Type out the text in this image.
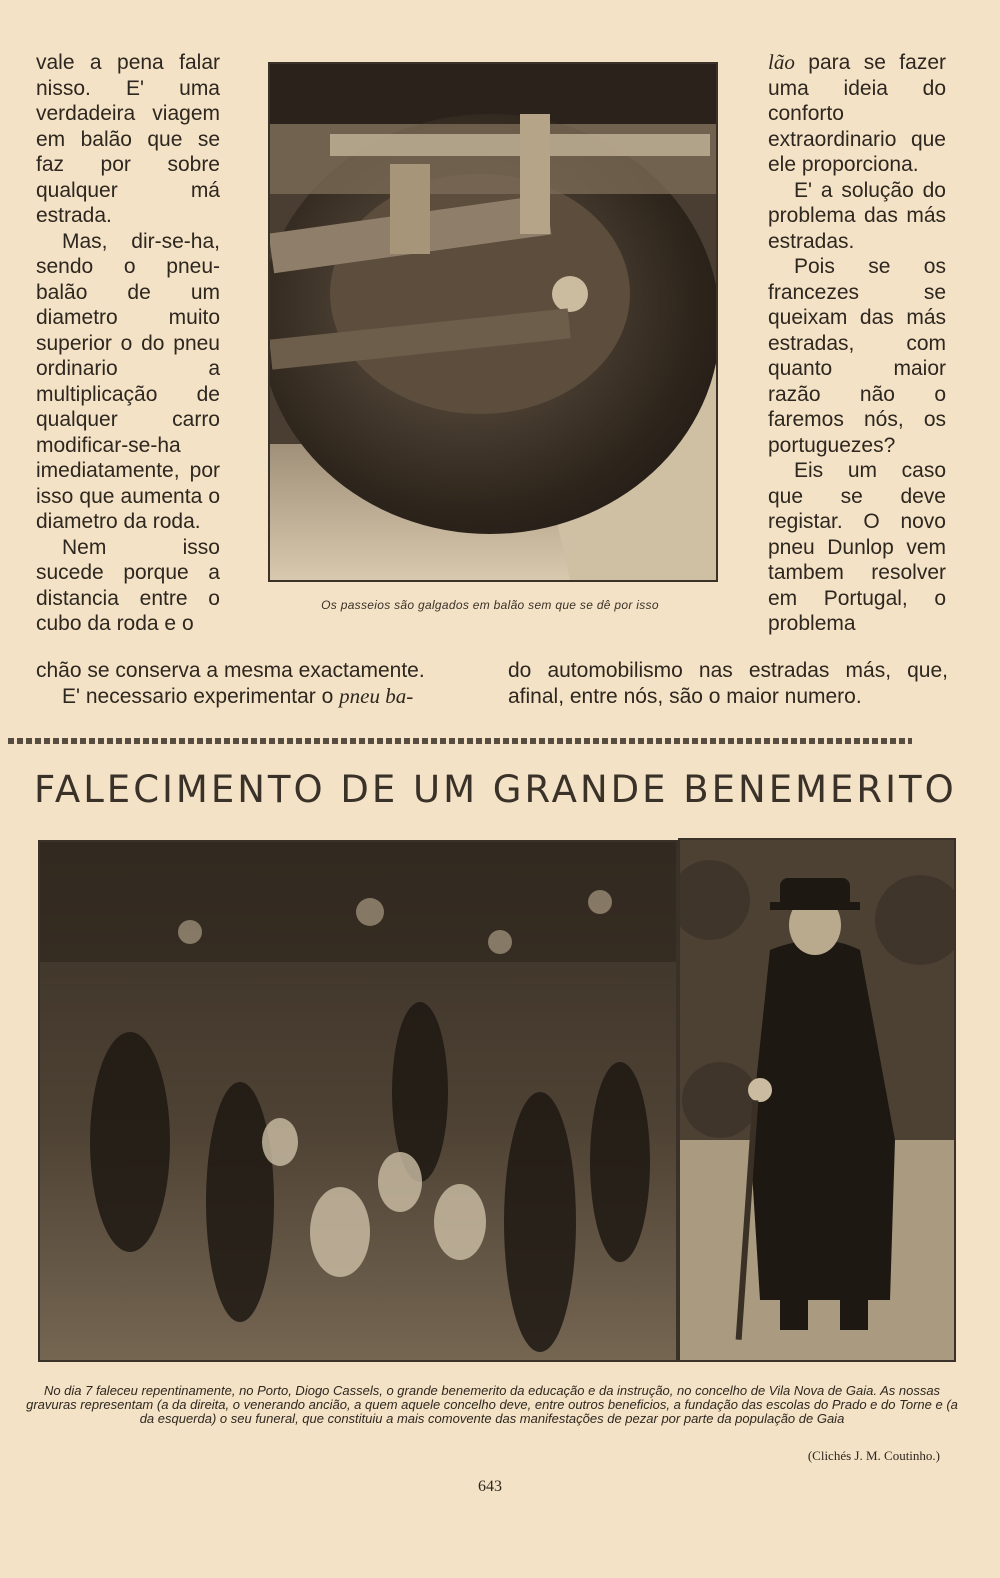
vale a pena falar nisso. E' uma verdadeira viagem em balão que se faz por sobre qualquer má estrada.

Mas, dir-se-ha, sendo o pneu-balão de um diametro muito superior o do pneu ordinario a multiplicação de qualquer carro modificar-se-ha imediatamente, por isso que aumenta o diametro da roda.

Nem isso sucede porque a distancia entre o cubo da roda e o

Os passeios são galgados em balão sem que se dê por isso

lão para se fazer uma ideia do conforto extraordinario que ele proporciona.

E' a solução do problema das más estradas.

Pois se os francezes se queixam das más estradas, com quanto maior razão não o faremos nós, os portuguezes?

Eis um caso que se deve registar. O novo pneu Dunlop vem tambem resolver em Portugal, o problema

chão se conserva a mesma exactamente.

E' necessario experimentar o pneu ba-

do automobilismo nas estradas más, que, afinal, entre nós, são o maior numero.

FALECIMENTO DE UM GRANDE BENEMERITO
No dia 7 faleceu repentinamente, no Porto, Diogo Cassels, o grande benemerito da educação e da instrução, no concelho de Vila Nova de Gaia. As nossas gravuras representam (a da direita, o venerando ancião, a quem aquele concelho deve, entre outros beneficios, a fundação das escolas do Prado e do Torne e (a da esquerda) o seu funeral, que constituiu a mais comovente das manifestações de pezar por parte da população de Gaia
(Clichés J. M. Coutinho.)
643
